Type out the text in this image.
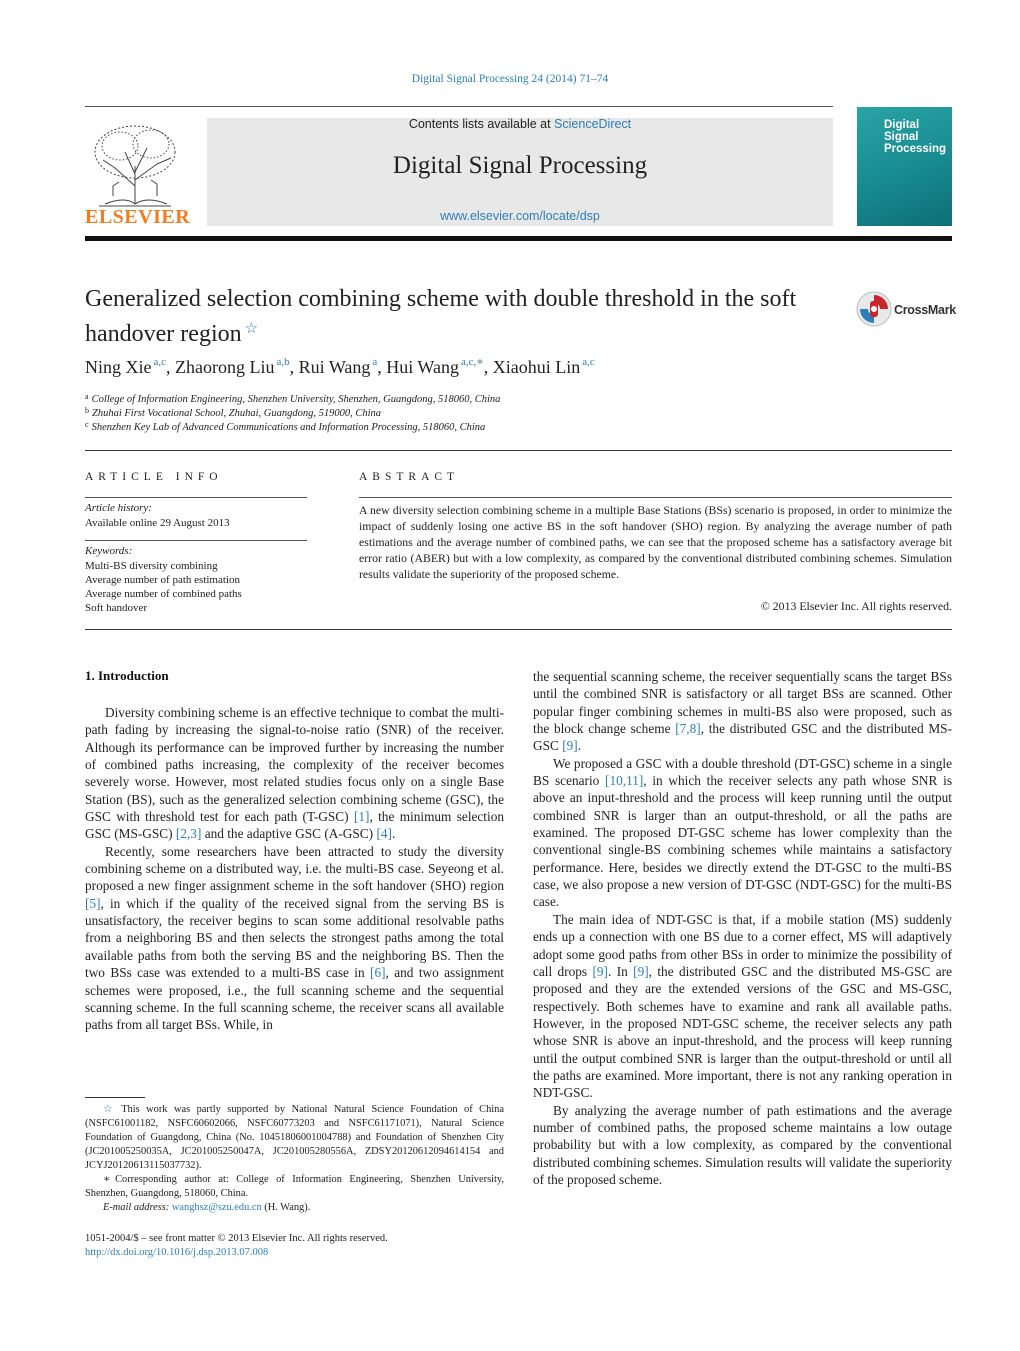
Digital Signal Processing 24 (2014) 71–74
ELSEVIER
Contents lists available at ScienceDirect
Digital Signal Processing
www.elsevier.com/locate/dsp
Digital Signal Processing
Generalized selection combining scheme with double threshold in the soft handover region ☆
CrossMark
Ning Xie $^{a,c}$, Zhaorong Liu $^{a,b}$, Rui Wang $^a$, Hui Wang $^{a,c,∗}$, Xiaohui Lin $^{a,c}$
$^a$ College of Information Engineering, Shenzhen University, Shenzhen, Guangdong, 518060, China
$^b$ Zhuhai First Vocational School, Zhuhai, Guangdong, 519000, China
$^c$ Shenzhen Key Lab of Advanced Communications and Information Processing, 518060, China
ARTICLE INFO
Article history:
Available online 29 August 2013
Keywords:
Multi-BS diversity combining
Average number of path estimation
Average number of combined paths
Soft handover
ABSTRACT
A new diversity selection combining scheme in a multiple Base Stations (BSs) scenario is proposed, in order to minimize the impact of suddenly losing one active BS in the soft handover (SHO) region. By analyzing the average number of path estimations and the average number of combined paths, we can see that the proposed scheme has a satisfactory average bit error ratio (ABER) but with a low complexity, as compared by the conventional distributed combining schemes. Simulation results validate the superiority of the proposed scheme.
© 2013 Elsevier Inc. All rights reserved.
1. Introduction

Diversity combining scheme is an effective technique to combat the multi-path fading by increasing the signal-to-noise ratio (SNR) of the receiver. Although its performance can be improved further by increasing the number of combined paths increasing, the complexity of the receiver becomes severely worse. However, most related studies focus only on a single Base Station (BS), such as the generalized selection combining scheme (GSC), the GSC with threshold test for each path (T-GSC) [1], the minimum selection GSC (MS-GSC) [2,3] and the adaptive GSC (A-GSC) [4].

Recently, some researchers have been attracted to study the diversity combining scheme on a distributed way, i.e. the multi-BS case. Seyeong et al. proposed a new finger assignment scheme in the soft handover (SHO) region [5], in which if the quality of the received signal from the serving BS is unsatisfactory, the receiver begins to scan some additional resolvable paths from a neighboring BS and then selects the strongest paths among the total available paths from both the serving BS and the neighboring BS. Then the two BSs case was extended to a multi-BS case in [6], and two assignment schemes were proposed, i.e., the full scanning scheme and the sequential scanning scheme. In the full scanning scheme, the receiver scans all available paths from all target BSs. While, in

the sequential scanning scheme, the receiver sequentially scans the target BSs until the combined SNR is satisfactory or all target BSs are scanned. Other popular finger combining schemes in multi-BS also were proposed, such as the block change scheme [7,8], the distributed GSC and the distributed MS-GSC [9].

We proposed a GSC with a double threshold (DT-GSC) scheme in a single BS scenario [10,11], in which the receiver selects any path whose SNR is above an input-threshold and the process will keep running until the output combined SNR is larger than an output-threshold, or all the paths are examined. The proposed DT-GSC scheme has lower complexity than the conventional single-BS combining schemes while maintains a satisfactory performance. Here, besides we directly extend the DT-GSC to the multi-BS case, we also propose a new version of DT-GSC (NDT-GSC) for the multi-BS case.

The main idea of NDT-GSC is that, if a mobile station (MS) suddenly ends up a connection with one BS due to a corner effect, MS will adaptively adopt some good paths from other BSs in order to minimize the possibility of call drops [9]. In [9], the distributed GSC and the distributed MS-GSC are proposed and they are the extended versions of the GSC and MS-GSC, respectively. Both schemes have to examine and rank all available paths. However, in the proposed NDT-GSC scheme, the receiver selects any path whose SNR is above an input-threshold, and the process will keep running until the output combined SNR is larger than the output-threshold or until all the paths are examined. More important, there is not any ranking operation in NDT-GSC.

By analyzing the average number of path estimations and the average number of combined paths, the proposed scheme maintains a low outage probability but with a low complexity, as compared by the conventional distributed combining schemes. Simulation results will validate the superiority of the proposed scheme.

☆ This work was partly supported by National Natural Science Foundation of China (NSFC61001182, NSFC60602066, NSFC60773203 and NSFC61171071), Natural Science Foundation of Guangdong, China (No. 10451806001004788) and Foundation of Shenzhen City (JC201005250035A, JC201005250047A, JC201005280556A, ZDSY20120612094614154 and JCYJ20120613115037732).

∗ Corresponding author at: College of Information Engineering, Shenzhen University, Shenzhen, Guangdong, 518060, China.

E-mail address: wanghsz@szu.edu.cn (H. Wang).

1051-2004/$ – see front matter © 2013 Elsevier Inc. All rights reserved.
http://dx.doi.org/10.1016/j.dsp.2013.07.008
